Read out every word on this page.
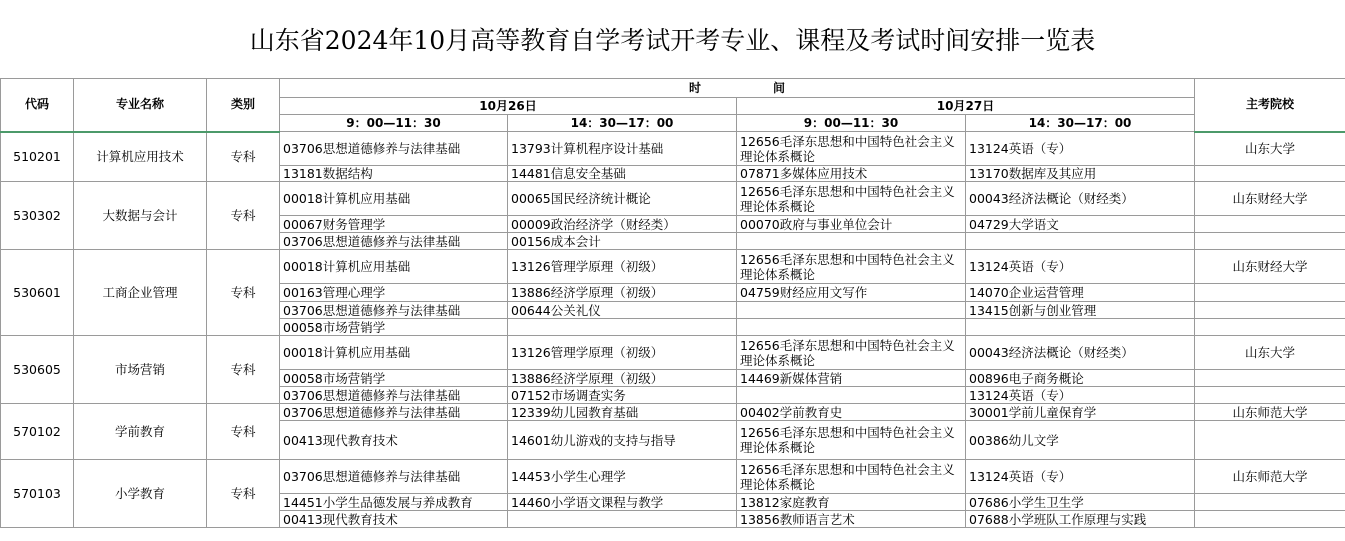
山东省2024年10月高等教育自学考试开考专业、课程及考试时间安排一览表
代码	专业名称	类别	时　　　　　　间				主考院校
			10月26日		10月27日		
			9：00—11：30	14：30—17：00	9：00—11：30	14：30—17：00	
510201	计算机应用技术	专科	03706思想道德修养与法律基础	13793计算机程序设计基础	12656毛泽东思想和中国特色社会主义理论体系概论	13124英语（专）	山东大学
			13181数据结构	14481信息安全基础	07871多媒体应用技术	13170数据库及其应用	
530302	大数据与会计	专科	00018计算机应用基础	00065国民经济统计概论	12656毛泽东思想和中国特色社会主义理论体系概论	00043经济法概论（财经类）	山东财经大学
			00067财务管理学	00009政治经济学（财经类）	00070政府与事业单位会计	04729大学语文	
			03706思想道德修养与法律基础	00156成本会计			
530601	工商企业管理	专科	00018计算机应用基础	13126管理学原理（初级）	12656毛泽东思想和中国特色社会主义理论体系概论	13124英语（专）	山东财经大学
			00163管理心理学	13886经济学原理（初级）	04759财经应用文写作	14070企业运营管理	
			03706思想道德修养与法律基础	00644公关礼仪		13415创新与创业管理	
			00058市场营销学				
530605	市场营销	专科	00018计算机应用基础	13126管理学原理（初级）	12656毛泽东思想和中国特色社会主义理论体系概论	00043经济法概论（财经类）	山东大学
			00058市场营销学	13886经济学原理（初级）	14469新媒体营销	00896电子商务概论	
			03706思想道德修养与法律基础	07152市场调查实务		13124英语（专）	
570102	学前教育	专科	03706思想道德修养与法律基础	12339幼儿园教育基础	00402学前教育史	30001学前儿童保育学	山东师范大学
			00413现代教育技术	14601幼儿游戏的支持与指导	12656毛泽东思想和中国特色社会主义理论体系概论	00386幼儿文学	
570103	小学教育	专科	03706思想道德修养与法律基础	14453小学生心理学	12656毛泽东思想和中国特色社会主义理论体系概论	13124英语（专）	山东师范大学
			14451小学生品德发展与养成教育	14460小学语文课程与教学	13812家庭教育	07686小学生卫生学	
			00413现代教育技术		13856教师语言艺术	07688小学班队工作原理与实践	
